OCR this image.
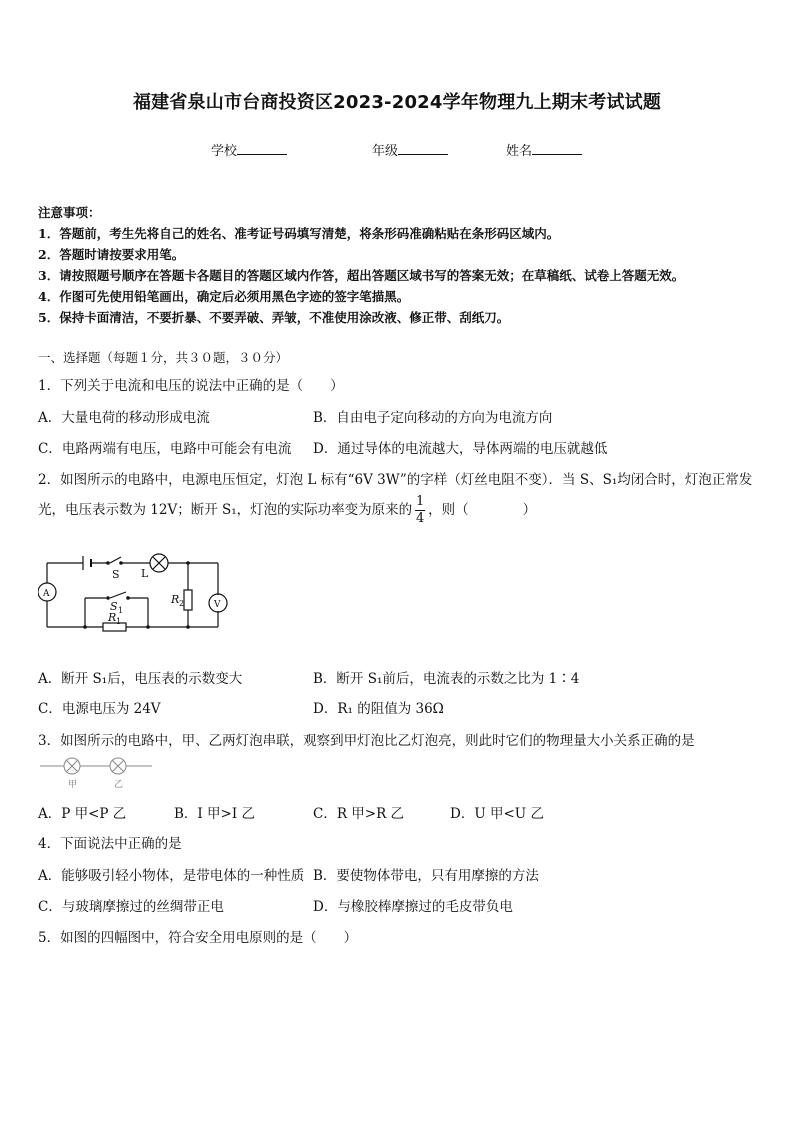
福建省泉山市台商投资区2023-2024学年物理九上期末考试试题
学校	年级	姓名
注意事项：
1．答题前，考生先将自己的姓名、准考证号码填写清楚，将条形码准确粘贴在条形码区域内。
2．答题时请按要求用笔。
3．请按照题号顺序在答题卡各题目的答题区域内作答，超出答题区域书写的答案无效；在草稿纸、试卷上答题无效。
4．作图可先使用铅笔画出，确定后必须用黑色字迹的签字笔描黑。
5．保持卡面清洁，不要折暴、不要弄破、弄皱，不准使用涂改液、修正带、刮纸刀。
一、选择题（每题１分，共３０题，３０分）
1．下列关于电流和电压的说法中正确的是（　　）
A．大量电荷的移动形成电流	B．自由电子定向移动的方向为电流方向
C．电路两端有电压，电路中可能会有电流 D．通过导体的电流越大，导体两端的电压就越低
2．如图所示的电路中，电源电压恒定，灯泡 L 标有“6V 3W”的字样（灯丝电阻不变）．当 S、S₁均闭合时，灯泡正常发
光，电压表示数为 12V；断开 S₁，灯泡的实际功率变为原来的 $\frac{1}{4}$ ，则（　　　　）
S L
A
V
S 1
R 1
R 2
A．断开 S₁后，电压表的示数变大	B．断开 S₁前后，电流表的示数之比为 1∶4
C．电源电压为 24V	D．R₁ 的阻值为 36Ω
3．如图所示的电路中，甲、乙两灯泡串联，观察到甲灯泡比乙灯泡亮，则此时它们的物理量大小关系正确的是
甲	乙
A．P 甲<P 乙	B．I 甲>I 乙	C．R 甲>R 乙	D．U 甲<U 乙
4．下面说法中正确的是
A．能够吸引轻小物体，是带电体的一种性质 B．要使物体带电，只有用摩擦的方法
C．与玻璃摩擦过的丝绸带正电	D．与橡胶棒摩擦过的毛皮带负电
5．如图的四幅图中，符合安全用电原则的是（　　）
